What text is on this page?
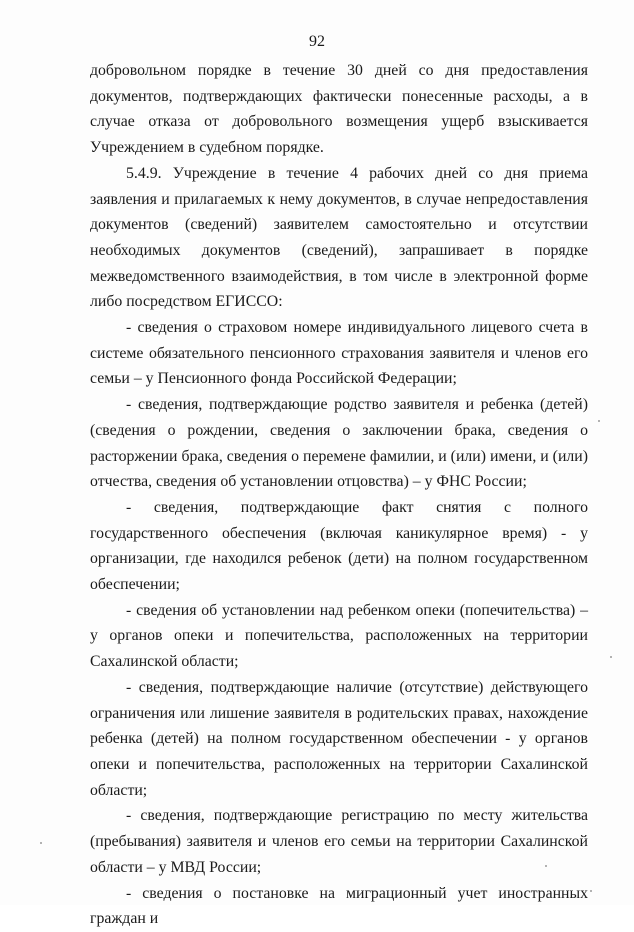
92

добровольном порядке в течение 30 дней со дня предоставления документов, подтверждающих фактически понесенные расходы, а в случае отказа от добровольного возмещения ущерб взыскивается Учреждением в судебном порядке.

5.4.9. Учреждение в течение 4 рабочих дней со дня приема заявления и прилагаемых к нему документов, в случае непредоставления документов (сведений) заявителем самостоятельно и отсутствии необходимых документов (сведений), запрашивает в порядке межведомственного взаимодействия, в том числе в электронной форме либо посредством ЕГИССО:

- сведения о страховом номере индивидуального лицевого счета в системе обязательного пенсионного страхования заявителя и членов его семьи – у Пенсионного фонда Российской Федерации;

- сведения, подтверждающие родство заявителя и ребенка (детей) (сведения о рождении, сведения о заключении брака, сведения о расторжении брака, сведения о перемене фамилии, и (или) имени, и (или) отчества, сведения об установлении отцовства) – у ФНС России;

- сведения, подтверждающие факт снятия с полного государственного обеспечения (включая каникулярное время) - у организации, где находился ребенок (дети) на полном государственном обеспечении;

- сведения об установлении над ребенком опеки (попечительства) – у органов опеки и попечительства, расположенных на территории Сахалинской области;

- сведения, подтверждающие наличие (отсутствие) действующего ограничения или лишение заявителя в родительских правах, нахождение ребенка (детей) на полном государственном обеспечении - у органов опеки и попечительства, расположенных на территории Сахалинской области;

- сведения, подтверждающие регистрацию по месту жительства (пребывания) заявителя и членов его семьи на территории Сахалинской области – у МВД России;

- сведения о постановке на миграционный учет иностранных граждан и
